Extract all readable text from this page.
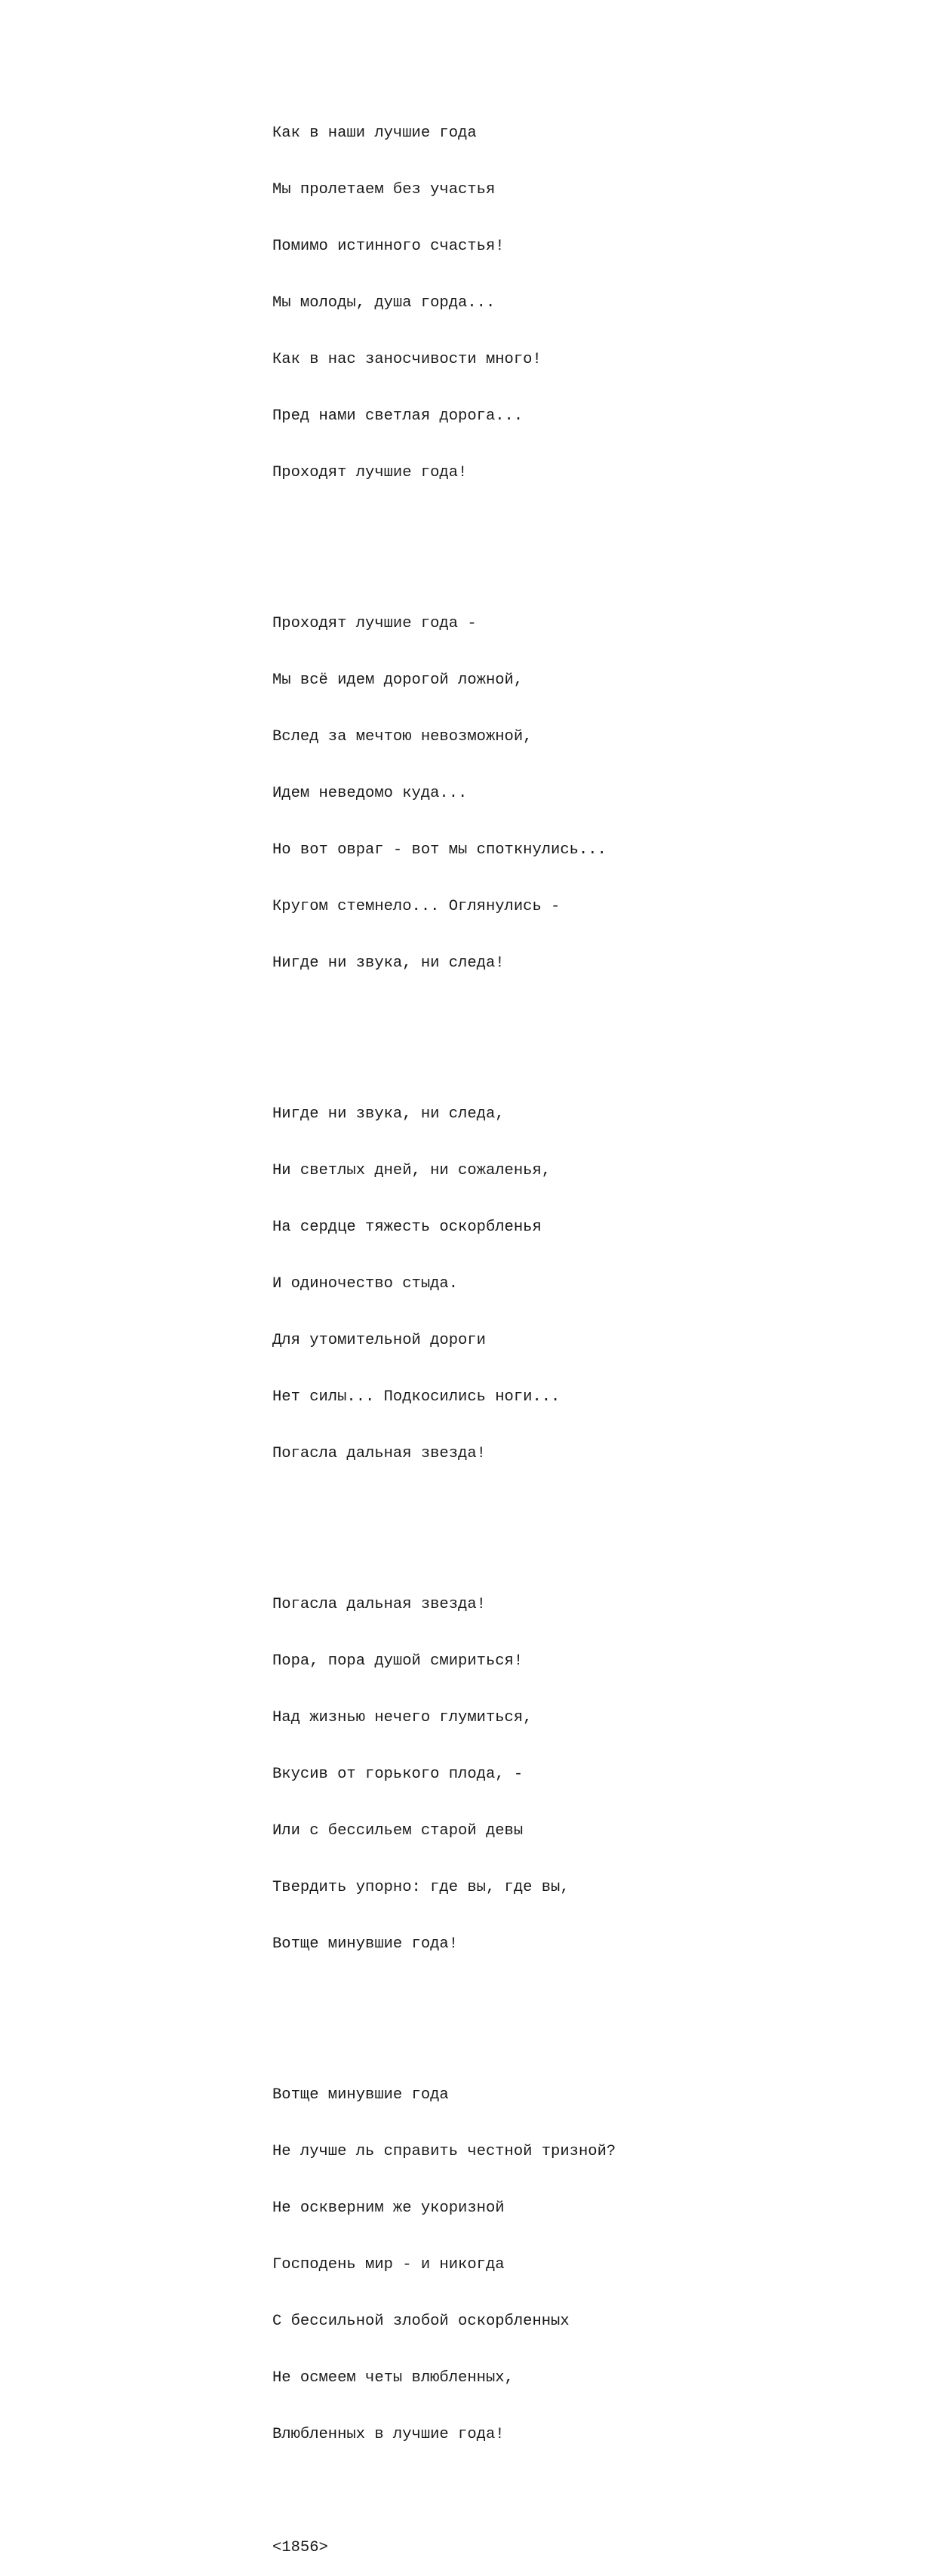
Как в наши лучшие года

Мы пролетаем без участья

Помимо истинного счастья!

Мы молоды, душа горда...

Как в нас заносчивости много!

Пред нами светлая дорога...

Проходят лучшие года!

Проходят лучшие года -

Мы всё идем дорогой ложной,

Вслед за мечтою невозможной,

Идем неведомо куда...

Но вот овраг - вот мы споткнулись...

Кругом стемнело... Оглянулись -

Нигде ни звука, ни следа!

Нигде ни звука, ни следа,

Ни светлых дней, ни сожаленья,

На сердце тяжесть оскорбленья

И одиночество стыда.

Для утомительной дороги

Нет силы... Подкосились ноги...

Погасла дальная звезда!

Погасла дальная звезда!

Пора, пора душой смириться!

Над жизнью нечего глумиться,

Вкусив от горького плода, -

Или с бессильем старой девы

Твердить упорно: где вы, где вы,

Вотще минувшие года!

Вотще минувшие года

Не лучше ль справить честной тризной?

Не оскверним же укоризной

Господень мир - и никогда

С бессильной злобой оскорбленных

Не осмеем четы влюбленных,

Влюбленных в лучшие года!

<1856>
